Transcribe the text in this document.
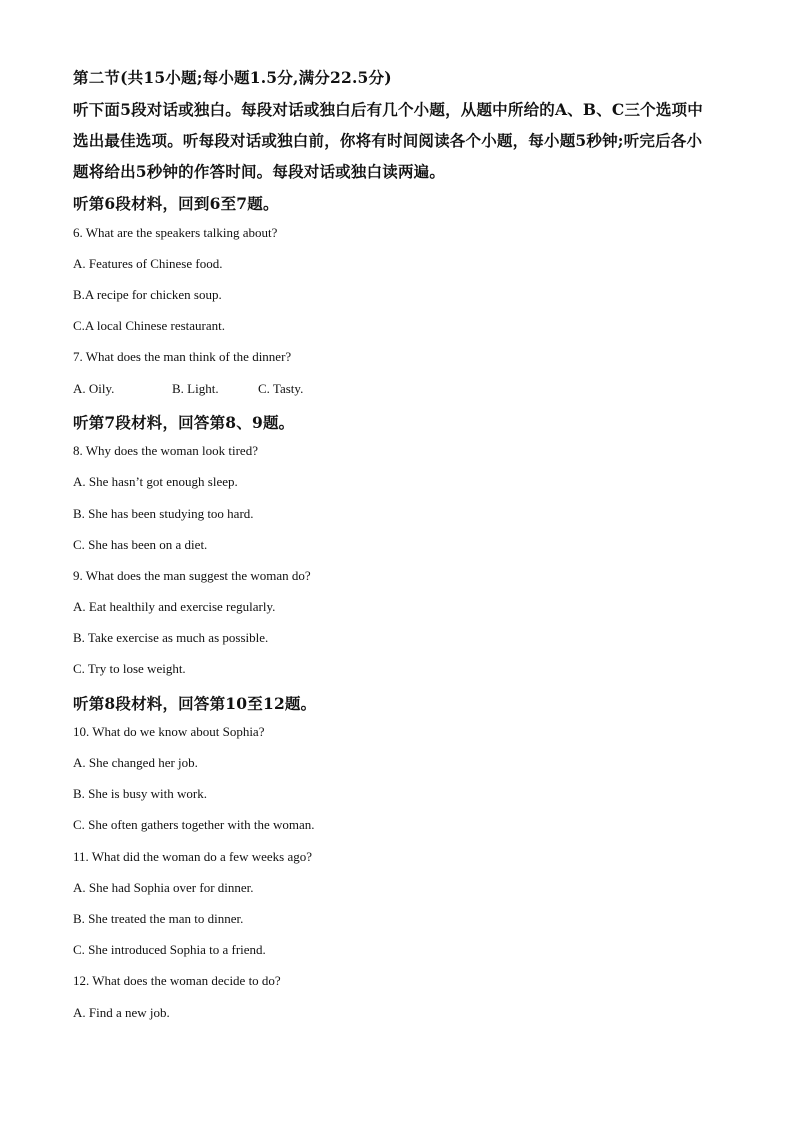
第二节(共15小题;每小题1.5分,满分22.5分)
听下面5段对话或独白。每段对话或独白后有几个小题，从题中所给的A、B、C三个选项中
选出最佳选项。听每段对话或独白前，你将有时间阅读各个小题，每小题5秒钟;听完后各小
题将给出5秒钟的作答时间。每段对话或独白读两遍。
听第6段材料，回到6至7题。
6. What are the speakers talking about?
A. Features of Chinese food.
B.A recipe for chicken soup.
C.A local Chinese restaurant.
7. What does the man think of the dinner?
A. Oily.	B. Light.	C. Tasty.
听第7段材料，回答第8、9题。
8. Why does the woman look tired?
A. She hasn’t got enough sleep.
B. She has been studying too hard.
C. She has been on a diet.
9. What does the man suggest the woman do?
A. Eat healthily and exercise regularly.
B. Take exercise as much as possible.
C. Try to lose weight.
听第8段材料，回答第10至12题。
10. What do we know about Sophia?
A. She changed her job.
B. She is busy with work.
C. She often gathers together with the woman.
11. What did the woman do a few weeks ago?
A. She had Sophia over for dinner.
B. She treated the man to dinner.
C. She introduced Sophia to a friend.
12. What does the woman decide to do?
A. Find a new job.
